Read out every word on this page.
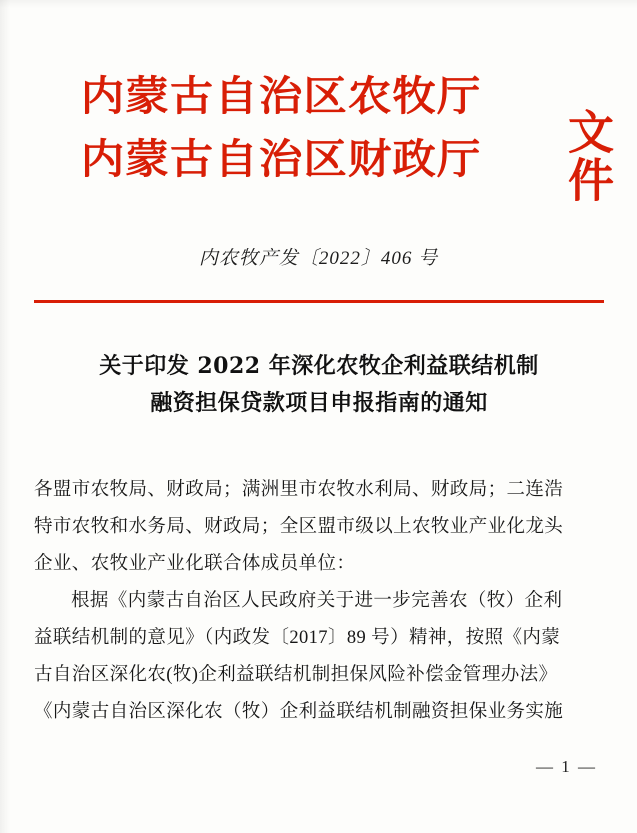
内蒙古自治区农牧厅
内蒙古自治区财政厅	文件
内农牧产发〔2022〕406 号
关于印发 2022 年深化农牧企利益联结机制
融资担保贷款项目申报指南的通知
各盟市农牧局、财政局；满洲里市农牧水利局、财政局；二连浩
特市农牧和水务局、财政局；全区盟市级以上农牧业产业化龙头
企业、农牧业产业化联合体成员单位：
根据《内蒙古自治区人民政府关于进一步完善农（牧）企利
益联结机制的意见》（内政发〔2017〕89 号）精神，按照《内蒙
古自治区深化农(牧)企利益联结机制担保风险补偿金管理办法》
《内蒙古自治区深化农（牧）企利益联结机制融资担保业务实施
— 1 —
